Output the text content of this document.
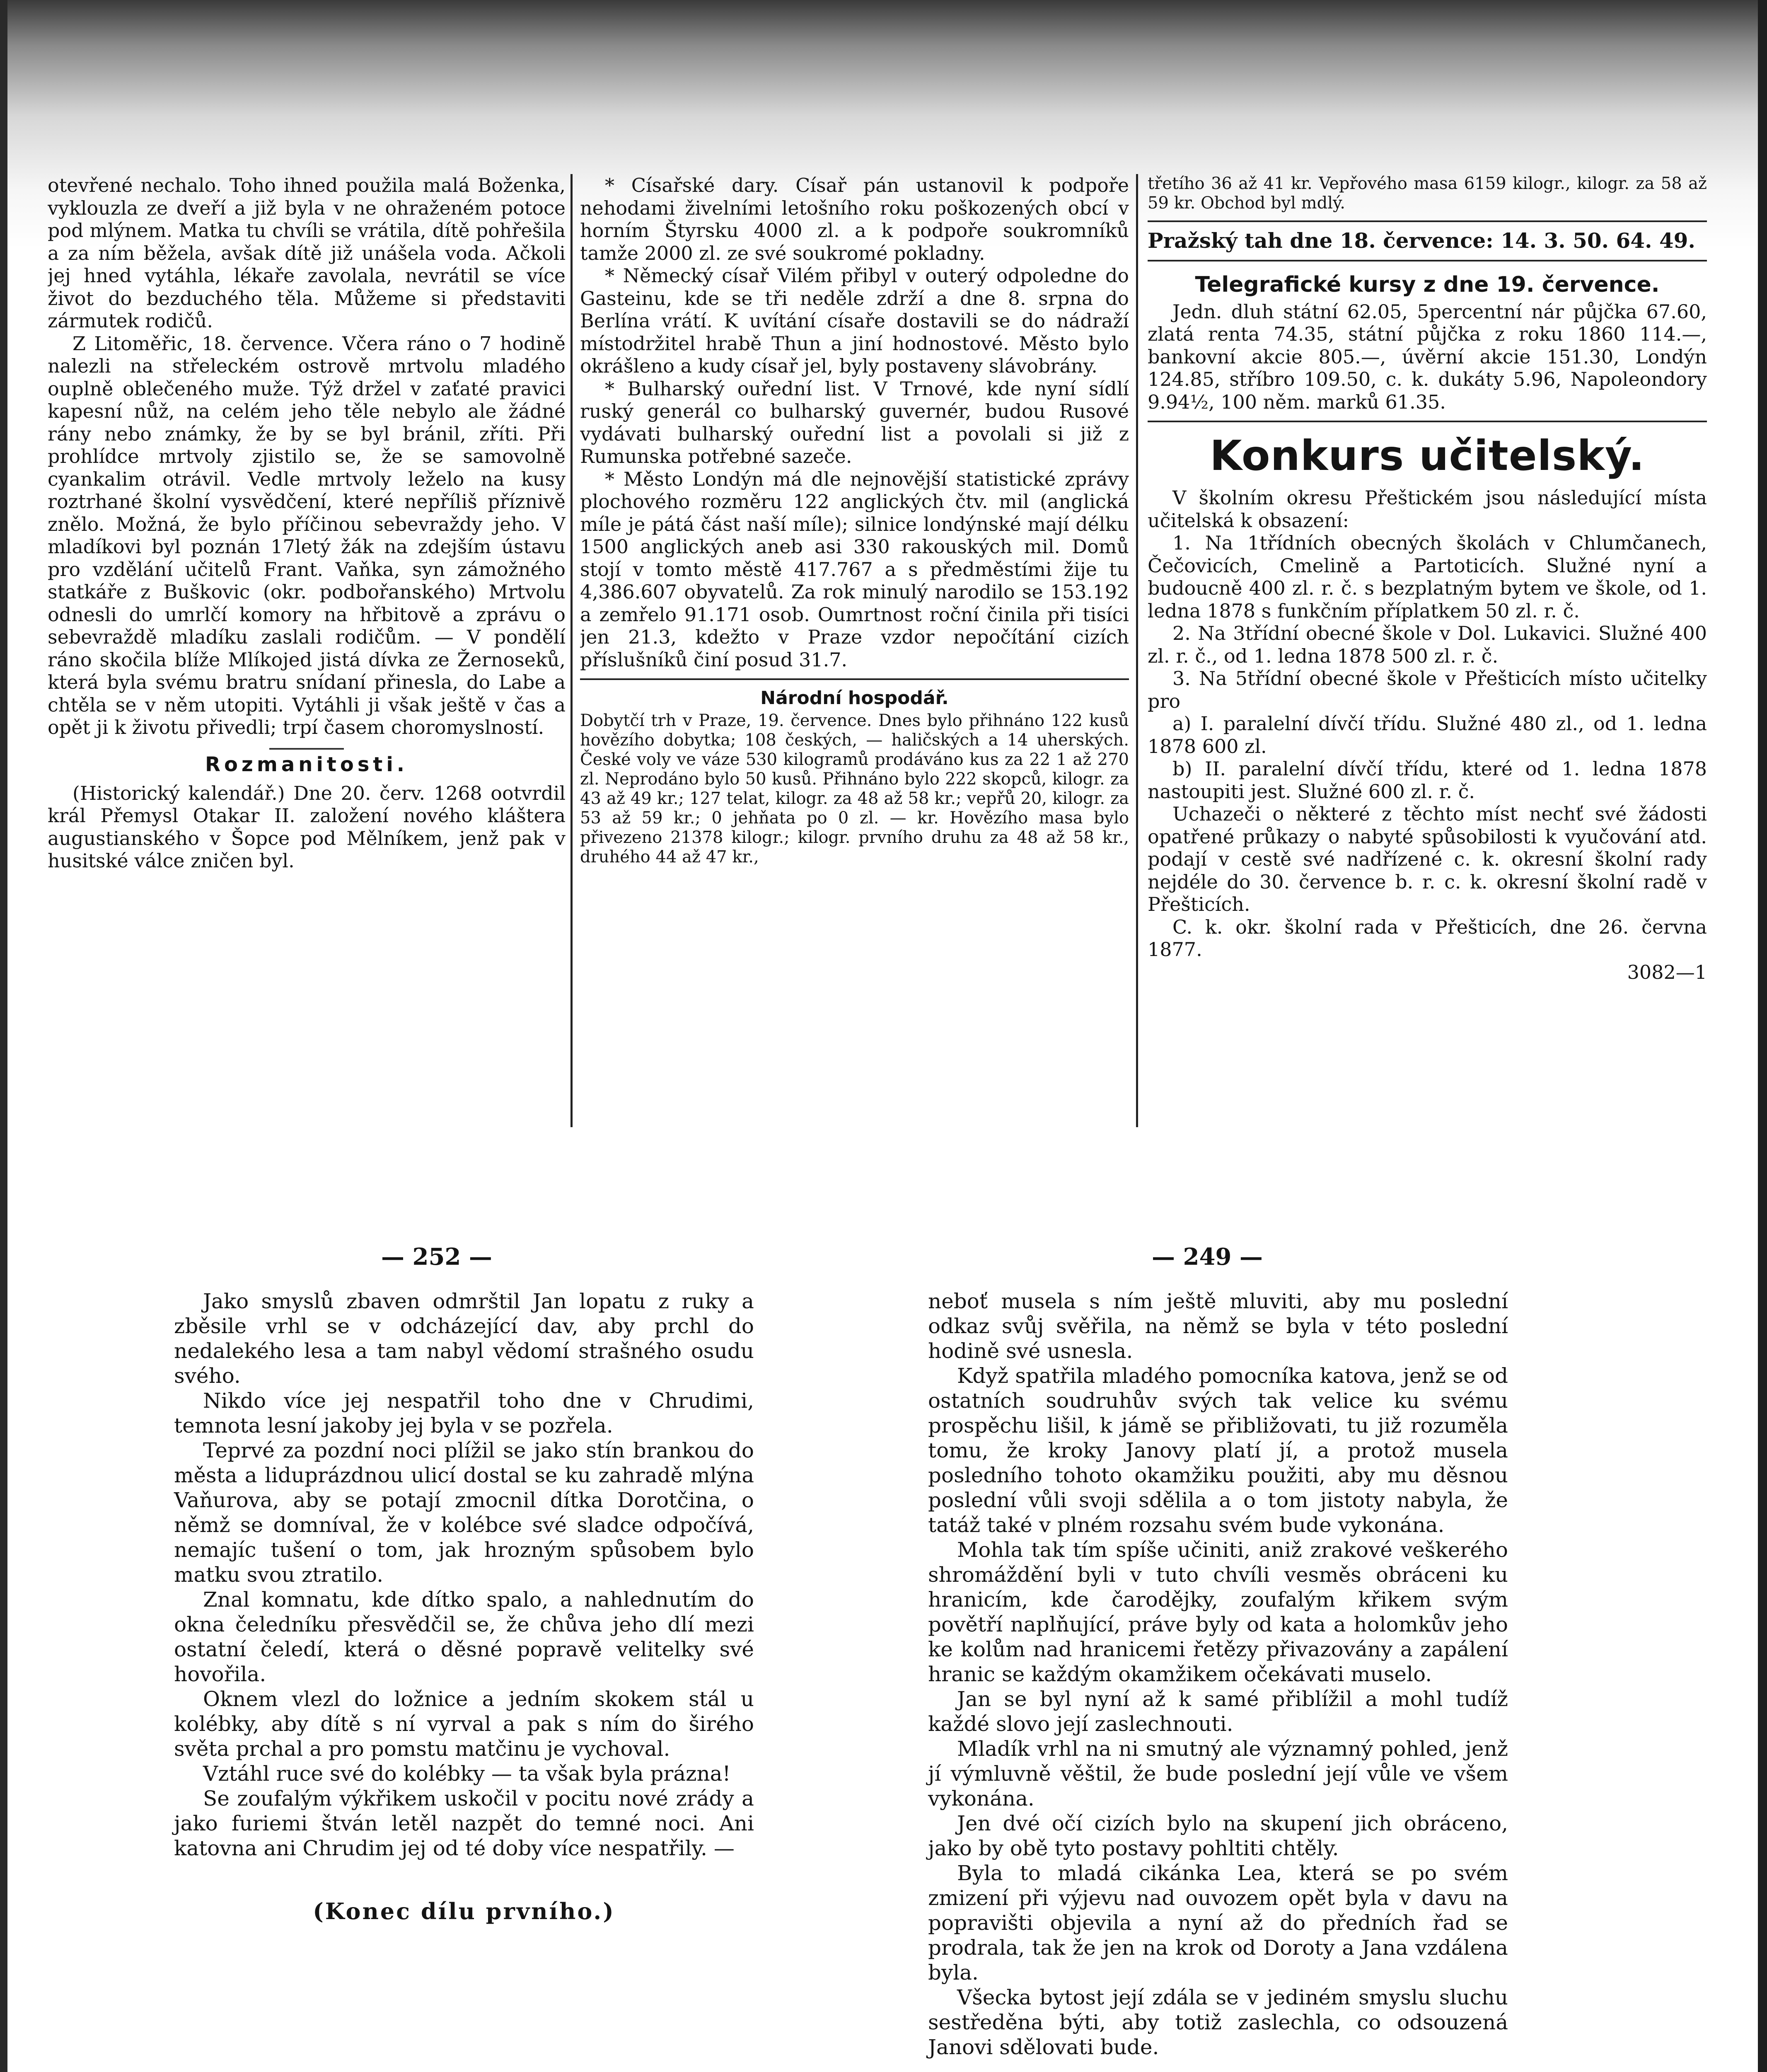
otevřené nechalo. Toho ihned použila malá Boženka, vyklouzla ze dveří a již byla v ne ohraženém potoce pod mlýnem. Matka tu chvíli se vrátila, dítě pohřešila a za ním běžela, avšak dítě již unášela voda. Ačkoli jej hned vytáhla, lékaře zavolala, nevrátil se více život do bezduchého těla. Můžeme si představiti zármutek rodičů.

Z Litoměřic, 18. července. Včera ráno o 7 hodině nalezli na střeleckém ostrově mrtvolu mladého ouplně oblečeného muže. Týž držel v zaťaté pravici kapesní nůž, na celém jeho těle nebylo ale žádné rány nebo známky, že by se byl bránil, zříti. Při prohlídce mrtvoly zjistilo se, že se samovolně cyankalim otrávil. Vedle mrtvoly leželo na kusy roztrhané školní vysvědčení, které nepříliš příznivě znělo. Možná, že bylo příčinou sebevraždy jeho. V mladíkovi byl poznán 17letý žák na zdejším ústavu pro vzdělání učitelů Frant. Vaňka, syn zámožného statkáře z Buškovic (okr. podbořanského) Mrtvolu odnesli do umrlčí komory na hřbitově a zprávu o sebevraždě mladíku zaslali rodičům. — V pondělí ráno skočila blíže Mlíkojed jistá dívka ze Žernoseků, která byla svému bratru snídaní přinesla, do Labe a chtěla se v něm utopiti. Vytáhli ji však ještě v čas a opět ji k životu přivedli; trpí časem choromyslností.

Rozmanitosti.

(Historický kalendář.) Dne 20. červ. 1268 ootvrdil král Přemysl Otakar II. založení nového kláštera augustianského v Šopce pod Mělníkem, jenž pak v husitské válce zničen byl.

* Císařské dary. Císař pán ustanovil k podpoře nehodami živelními letošního roku poškozených obcí v horním Štyrsku 4000 zl. a k podpoře soukromníků tamže 2000 zl. ze své soukromé pokladny.

* Německý císař Vilém přibyl v outerý odpoledne do Gasteinu, kde se tři neděle zdrží a dne 8. srpna do Berlína vrátí. K uvítání císaře dostavili se do nádraží místodržitel hrabě Thun a jiní hodnostové. Město bylo okrášleno a kudy císař jel, byly postaveny slávobrány.

* Bulharský ouřední list. V Trnové, kde nyní sídlí ruský generál co bulharský guvernér, budou Rusové vydávati bulharský ouřední list a povolali si již z Rumunska potřebné sazeče.

* Město Londýn má dle nejnovější statistické zprávy plochového rozměru 122 anglických čtv. mil (anglická míle je pátá část naší míle); silnice londýnské mají délku 1500 anglických aneb asi 330 rakouských mil. Domů stojí v tomto městě 417.767 a s předměstími žije tu 4,386.607 obyvatelů. Za rok minulý narodilo se 153.192 a zemřelo 91.171 osob. Oumrtnost roční činila při tisíci jen 21.3, kdežto v Praze vzdor nepočítání cizích příslušníků činí posud 31.7.

Národní hospodář.

Dobytčí trh v Praze, 19. července. Dnes bylo přihnáno 122 kusů hovězího dobytka; 108 českých, — haličských a 14 uherských. České voly ve váze 530 kilogramů prodáváno kus za 22 1 až 270 zl. Neprodáno bylo 50 kusů. Přihnáno bylo 222 skopců, kilogr. za 43 až 49 kr.; 127 telat, kilogr. za 48 až 58 kr.; vepřů 20, kilogr. za 53 až 59 kr.; 0 jehňata po 0 zl. — kr. Hovězího masa bylo přivezeno 21378 kilogr.; kilogr. prvního druhu za 48 až 58 kr., druhého 44 až 47 kr.,

třetího 36 až 41 kr. Vepřového masa 6159 kilogr., kilogr. za 58 až 59 kr. Obchod byl mdlý.

Pražský tah dne 18. července: 14. 3. 50. 64. 49.

Telegrafické kursy z dne 19. července.

Jedn. dluh státní 62.05, 5percentní nár půjčka 67.60, zlatá renta 74.35, státní půjčka z roku 1860 114.—, bankovní akcie 805.—, úvěrní akcie 151.30, Londýn 124.85, stříbro 109.50, c. k. dukáty 5.96, Napoleondory 9.94½, 100 něm. marků 61.35.

Konkurs učitelský.

V školním okresu Přeštickém jsou následující místa učitelská k obsazení:

1. Na 1třídních obecných školách v Chlumčanech, Čečovicích, Cmelině a Partoticích. Služné nyní a budoucně 400 zl. r. č. s bezplatným bytem ve škole, od 1. ledna 1878 s funkčním příplatkem 50 zl. r. č.

2. Na 3třídní obecné škole v Dol. Lukavici. Služné 400 zl. r. č., od 1. ledna 1878 500 zl. r. č.

3. Na 5třídní obecné škole v Přešticích místo učitelky pro

a) I. paralelní dívčí třídu. Služné 480 zl., od 1. ledna 1878 600 zl.

b) II. paralelní dívčí třídu, které od 1. ledna 1878 nastoupiti jest. Služné 600 zl. r. č.

Uchazeči o některé z těchto míst nechť své žádosti opatřené průkazy o nabyté spůsobilosti k vyučování atd. podají v cestě své nadřízené c. k. okresní školní rady nejdéle do 30. července b. r. c. k. okresní školní radě v Přešticích.

C. k. okr. školní rada v Přešticích, dne 26. června 1877.

3082—1
— 252 —	— 249 —

Jako smyslů zbaven odmrštil Jan lopatu z ruky a zběsile vrhl se v odcházející dav, aby prchl do nedalekého lesa a tam nabyl vědomí strašného osudu svého.

Nikdo více jej nespatřil toho dne v Chrudimi, temnota lesní jakoby jej byla v se pozřela.

Teprvé za pozdní noci plížil se jako stín brankou do města a liduprázdnou ulicí dostal se ku zahradě mlýna Vaňurova, aby se potají zmocnil dítka Dorotčina, o němž se domníval, že v kolébce své sladce odpočívá, nemajíc tušení o tom, jak hrozným spůsobem bylo matku svou ztratilo.

Znal komnatu, kde dítko spalo, a nahlednutím do okna čeledníku přesvědčil se, že chůva jeho dlí mezi ostatní čeledí, která o děsné popravě velitelky své hovořila.

Oknem vlezl do ložnice a jedním skokem stál u kolébky, aby dítě s ní vyrval a pak s ním do širého světa prchal a pro pomstu matčinu je vychoval.

Vztáhl ruce své do kolébky — ta však byla prázna!

Se zoufalým výkřikem uskočil v pocitu nové zrády a jako furiemi štván letěl nazpět do temné noci. Ani katovna ani Chrudim jej od té doby více nespatřily. —

(Konec dílu prvního.)

neboť musela s ním ještě mluviti, aby mu poslední odkaz svůj svěřila, na němž se byla v této poslední hodině své usnesla.

Když spatřila mladého pomocníka katova, jenž se od ostatních soudruhův svých tak velice ku svému prospěchu lišil, k jámě se přibližovati, tu již rozuměla tomu, že kroky Janovy platí jí, a protož musela posledního tohoto okamžiku použiti, aby mu děsnou poslední vůli svoji sdělila a o tom jistoty nabyla, že tatáž také v plném rozsahu svém bude vykonána.

Mohla tak tím spíše učiniti, aniž zrakové veškerého shromáždění byli v tuto chvíli vesměs obráceni ku hranicím, kde čarodějky, zoufalým křikem svým povětří naplňující, práve byly od kata a holomkův jeho ke kolům nad hranicemi řetězy přivazovány a zapálení hranic se každým okamžikem očekávati muselo.

Jan se byl nyní až k samé přiblížil a mohl tudíž každé slovo její zaslechnouti.

Mladík vrhl na ni smutný ale významný pohled, jenž jí výmluvně věštil, že bude poslední její vůle ve všem vykonána.

Jen dvé očí cizích bylo na skupení jich obráceno, jako by obě tyto postavy pohltiti chtěly.

Byla to mladá cikánka Lea, která se po svém zmizení při výjevu nad ouvozem opět byla v davu na popravišti objevila a nyní až do předních řad se prodrala, tak že jen na krok od Doroty a Jana vzdálena byla.

Všecka bytost její zdála se v jediném smyslu sluchu sestředěna býti, aby totiž zaslechla, co odsouzená Janovi sdělovati bude.
